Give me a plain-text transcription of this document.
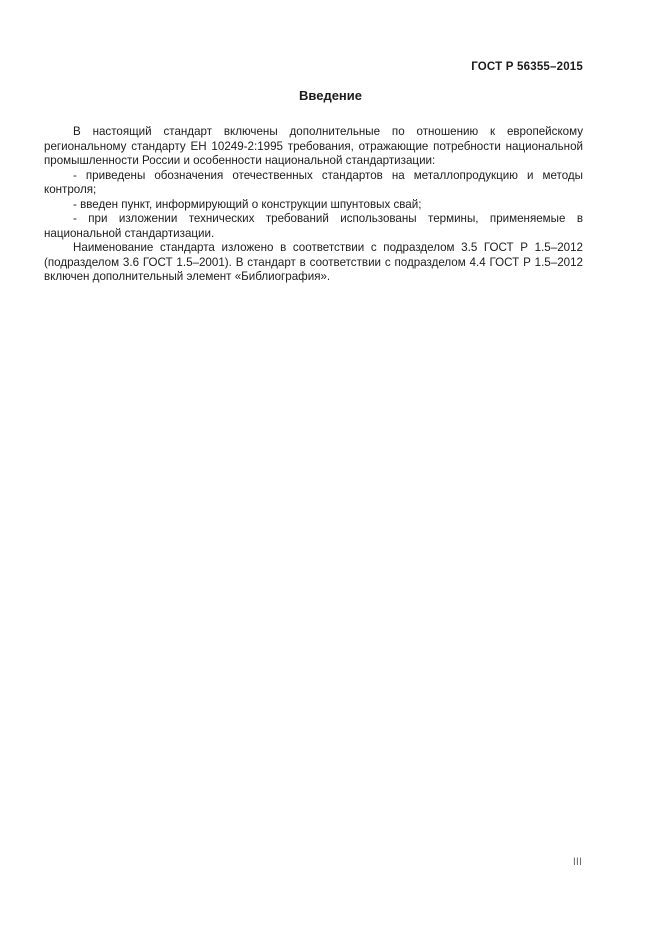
ГОСТ Р 56355–2015
Введение

В настоящий стандарт включены дополнительные по отношению к европейскому региональному стандарту ЕН 10249-2:1995 требования, отражающие потребности национальной промышленности России и особенности национальной стандартизации:

- приведены обозначения отечественных стандартов на металлопродукцию и методы контроля;

- введен пункт, информирующий о конструкции шпунтовых свай;

- при изложении технических требований использованы термины, применяемые в национальной стандартизации.

Наименование стандарта изложено в соответствии с подразделом 3.5 ГОСТ Р 1.5–2012 (подразделом 3.6 ГОСТ 1.5–2001). В стандарт в соответствии с подразделом 4.4 ГОСТ Р 1.5–2012 включен дополнительный элемент «Библиография».

III
